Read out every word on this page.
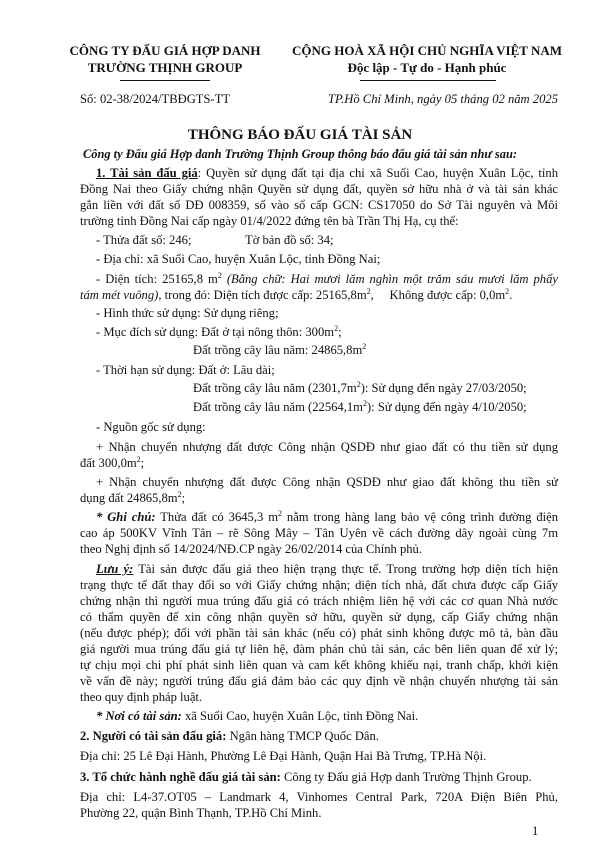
CÔNG TY ĐẤU GIÁ HỢP DANH
TRƯỜNG THỊNH GROUP
CỘNG HOÀ XÃ HỘI CHỦ NGHĨA VIỆT NAM
Độc lập - Tự do - Hạnh phúc
Số: 02-38/2024/TBĐGTS-TT	TP.Hồ Chí Minh, ngày 05 tháng 02 năm 2025
THÔNG BÁO ĐẤU GIÁ TÀI SẢN
Công ty Đấu giá Hợp danh Trường Thịnh Group thông báo đấu giá tài sản như sau:
1. Tài sản đấu giá: Quyền sử dụng đất tại địa chỉ xã Suối Cao, huyện Xuân Lộc, tỉnh
Đồng Nai theo Giấy chứng nhận Quyền sử dụng đất, quyền sở hữu nhà ở và tài sản khác
gắn liền với đất số DĐ 008359, số vào sổ cấp GCN: CS17050 do Sở Tài nguyên và Môi
trường tỉnh Đồng Nai cấp ngày 01/4/2022 đứng tên bà Trần Thị Hạ, cụ thể:
- Thửa đất số: 246;	Tờ bản đồ số: 34;
- Địa chỉ: xã Suối Cao, huyện Xuân Lộc, tỉnh Đồng Nai;
- Diện tích: 25165,8 $m^2$ (Bằng chữ: Hai mươi lăm nghìn một trăm sáu mươi lăm phẩy
tám mét vuông), trong đó: Diện tích được cấp: $25165,8m^2$,     Không được cấp: $0,0m^2$.
- Hình thức sử dụng: Sử dụng riêng;
- Mục đích sử dụng: Đất ở tại nông thôn: $300m^2$;
Đất trồng cây lâu năm: $24865,8m^2$
- Thời hạn sử dụng: Đất ở: Lâu dài;
Đất trồng cây lâu năm $(2301,7m^2)$: Sử dụng đến ngày 27/03/2050;
Đất trồng cây lâu năm $(22564,1m^2)$: Sử dụng đến ngày 4/10/2050;
- Nguồn gốc sử dụng:
+ Nhận chuyển nhượng đất được Công nhận QSDĐ như giao đất có thu tiền sử dụng
đất $300,0m^2$;
+ Nhận chuyển nhượng đất được Công nhận QSDĐ như giao đất không thu tiền sử
dụng đất $24865,8m^2$;
* Ghi chú: Thửa đất có 3645,3 $m^2$ nằm trong hàng lang bảo vệ công trình đường điện
cao áp 500KV Vĩnh Tân – rẽ Sông Mây – Tân Uyên về cách đường dây ngoài cùng 7m
theo Nghị định số 14/2024/NĐ.CP ngày 26/02/2014 của Chính phủ.
Lưu ý: Tài sản được đấu giá theo hiện trạng thực tế. Trong trường hợp diện tích hiện
trạng thực tế đất thay đổi so với Giấy chứng nhận; diện tích nhà, đất chưa được cấp Giấy
chứng nhận thì người mua trúng đấu giá có trách nhiệm liên hệ với các cơ quan Nhà nước
có thẩm quyền để xin công nhận quyền sở hữu, quyền sử dụng, cấp Giấy chứng nhận
(nếu được phép); đối với phần tài sản khác (nếu có) phát sinh không được mô tả, bàn đầu
giá người mua trúng đấu giá tự liên hệ, đàm phán chủ tài sản, các bên liên quan để xử lý;
tự chịu mọi chi phí phát sinh liên quan và cam kết không khiếu nại, tranh chấp, khởi kiện
về vấn đề này; người trúng đấu giá đảm bảo các quy định về nhận chuyển nhượng tài sản
theo quy định pháp luật.
* Nơi có tài sản: xã Suối Cao, huyện Xuân Lộc, tỉnh Đồng Nai.
2. Người có tài sản đấu giá: Ngân hàng TMCP Quốc Dân.
Địa chỉ: 25 Lê Đại Hành, Phường Lê Đại Hành, Quận Hai Bà Trưng, TP.Hà Nội.
3. Tổ chức hành nghề đấu giá tài sản: Công ty Đấu giá Hợp danh Trường Thịnh Group.
Địa chỉ: L4-37.OT05 – Landmark 4, Vinhomes Central Park, 720A Điện Biên Phủ,
Phường 22, quận Bình Thạnh, TP.Hồ Chí Minh.
1
